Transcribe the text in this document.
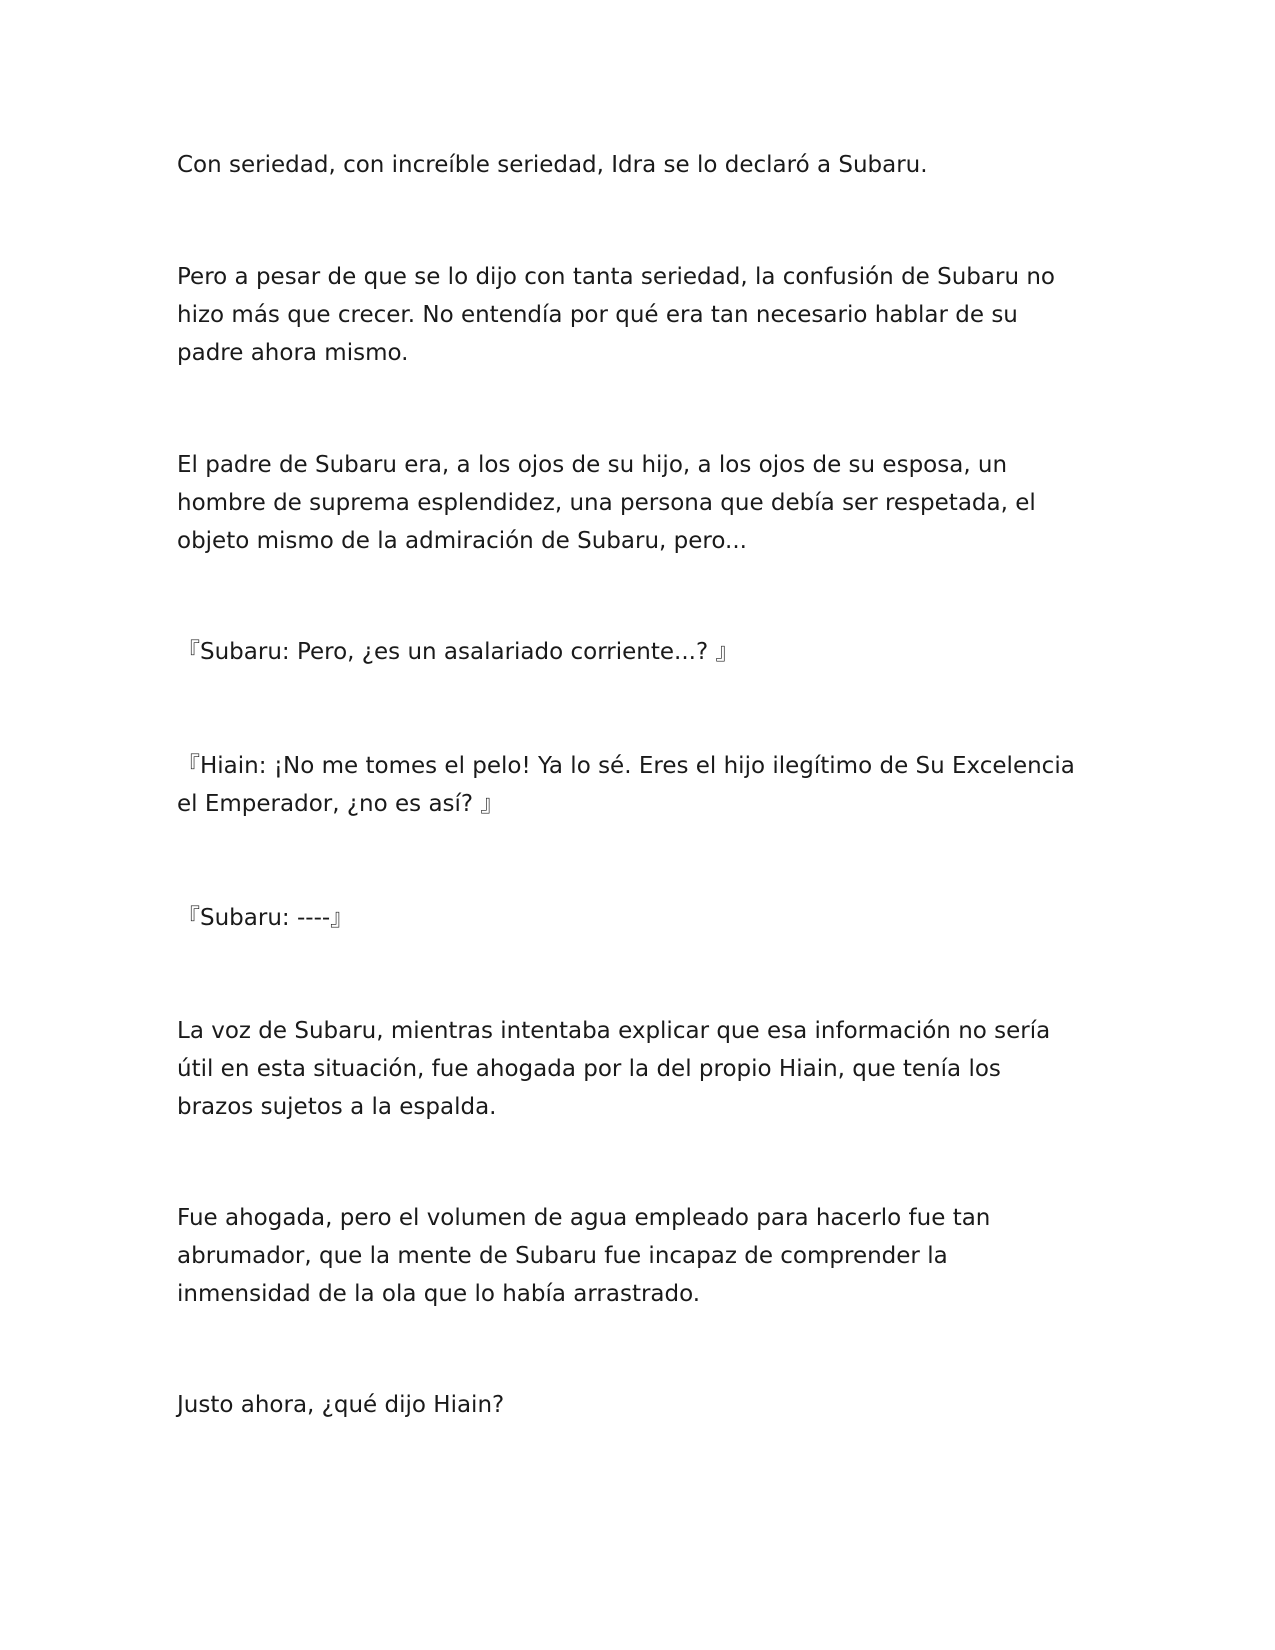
Con seriedad, con increíble seriedad, Idra se lo declaró a Subaru.

Pero a pesar de que se lo dijo con tanta seriedad, la confusión de Subaru no
hizo más que crecer. No entendía por qué era tan necesario hablar de su
padre ahora mismo.

El padre de Subaru era, a los ojos de su hijo, a los ojos de su esposa, un
hombre de suprema esplendidez, una persona que debía ser respetada, el
objeto mismo de la admiración de Subaru, pero...

『Subaru: Pero, ¿es un asalariado corriente...? 』

『Hiain: ¡No me tomes el pelo! Ya lo sé. Eres el hijo ilegítimo de Su Excelencia
el Emperador, ¿no es así? 』

『Subaru: ----』

La voz de Subaru, mientras intentaba explicar que esa información no sería
útil en esta situación, fue ahogada por la del propio Hiain, que tenía los
brazos sujetos a la espalda.

Fue ahogada, pero el volumen de agua empleado para hacerlo fue tan
abrumador, que la mente de Subaru fue incapaz de comprender la
inmensidad de la ola que lo había arrastrado.

Justo ahora, ¿qué dijo Hiain?
